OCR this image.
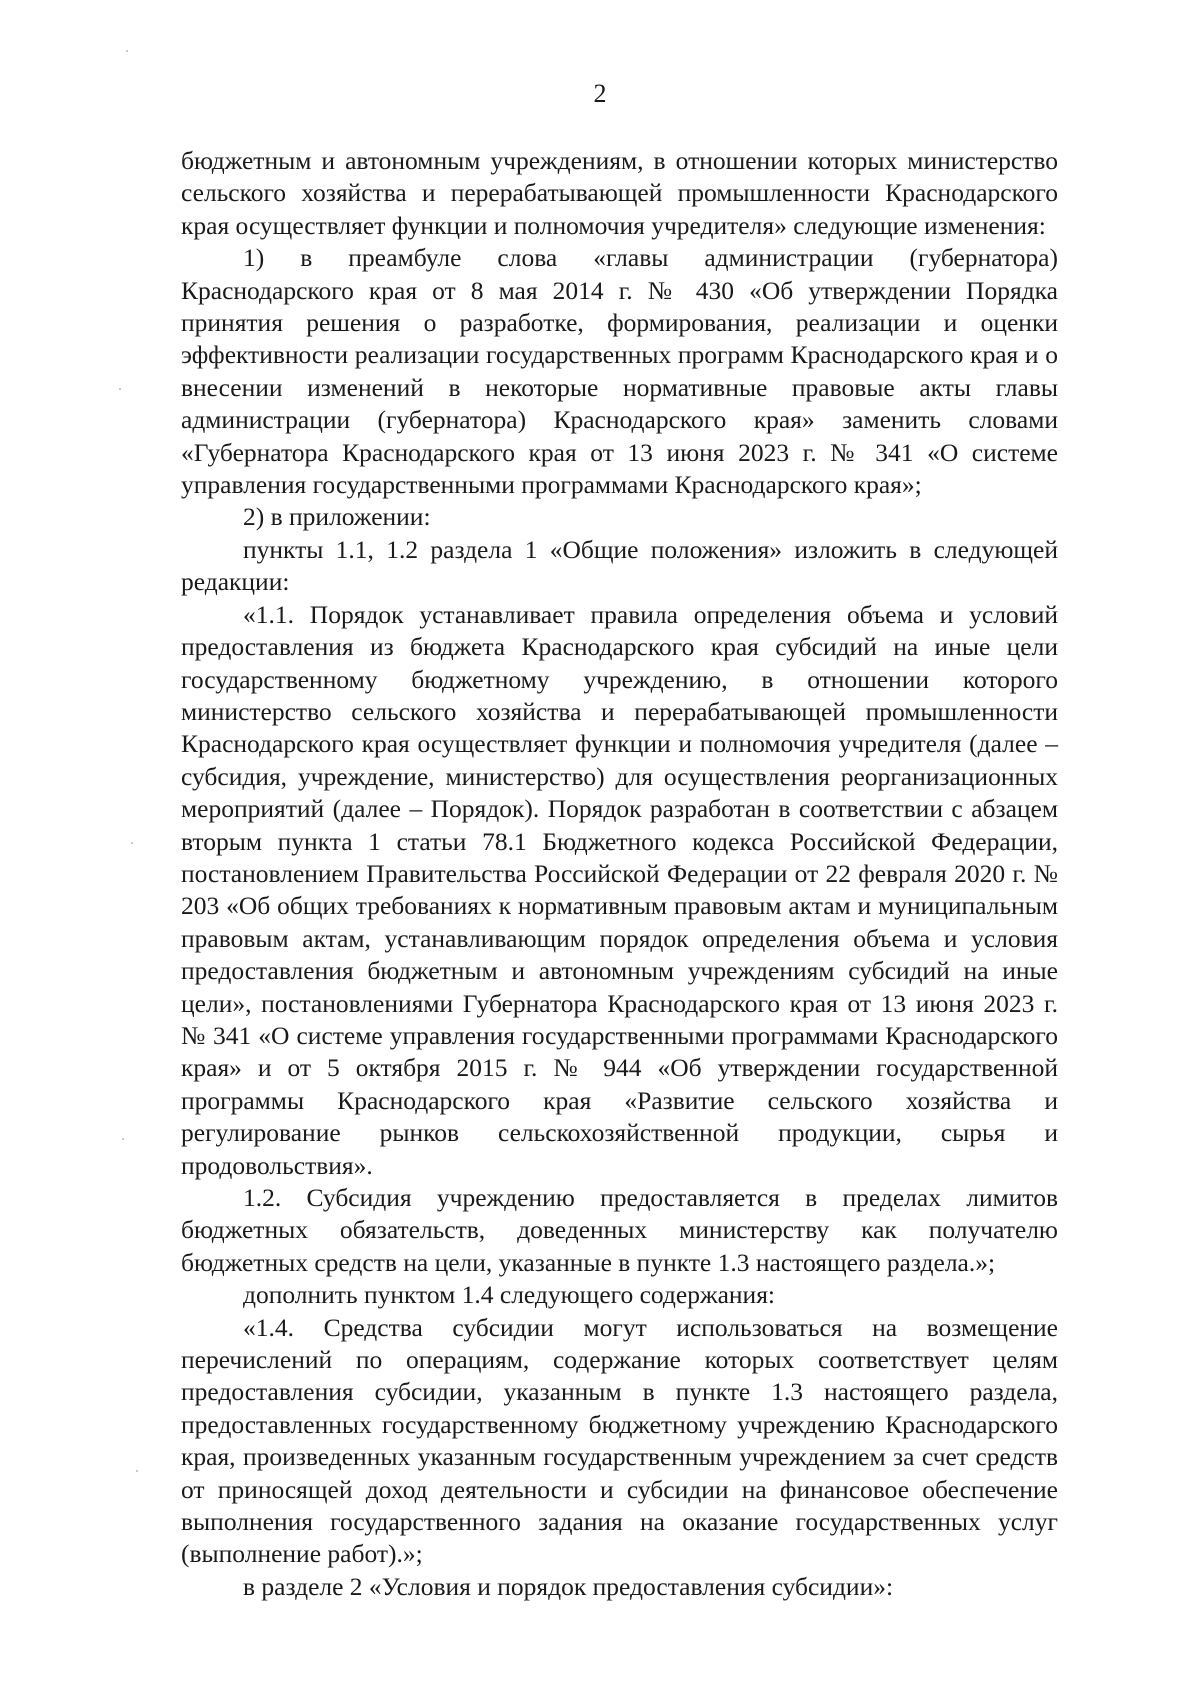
2

бюджетным и автономным учреждениям, в отношении которых министерство сельского хозяйства и перерабатывающей промышленности Краснодарского края осуществляет функции и полномочия учредителя» следующие изменения:

1) в преамбуле слова «главы администрации (губернатора) Краснодарского края от 8 мая 2014 г. № 430 «Об утверждении Порядка принятия решения о разработке, формирования, реализации и оценки эффективности реализации государственных программ Краснодарского края и о внесении изменений в некоторые нормативные правовые акты главы администрации (губернатора) Краснодарского края» заменить словами «Губернатора Краснодарского края от 13 июня 2023 г. № 341 «О системе управления государственными программами Краснодарского края»;

2) в приложении:

пункты 1.1, 1.2 раздела 1 «Общие положения» изложить в следующей редакции:

«1.1. Порядок устанавливает правила определения объема и условий предоставления из бюджета Краснодарского края субсидий на иные цели государственному бюджетному учреждению, в отношении которого министерство сельского хозяйства и перерабатывающей промышленности Краснодарского края осуществляет функции и полномочия учредителя (далее – субсидия, учреждение, министерство) для осуществления реорганизационных мероприятий (далее – Порядок). Порядок разработан в соответствии с абзацем вторым пункта 1 статьи 78.1 Бюджетного кодекса Российской Федерации, постановлением Правительства Российской Федерации от 22 февраля 2020 г. № 203 «Об общих требованиях к нормативным правовым актам и муниципальным правовым актам, устанавливающим порядок определения объема и условия предоставления бюджетным и автономным учреждениям субсидий на иные цели», постановлениями Губернатора Краснодарского края от 13 июня 2023 г. № 341 «О системе управления государственными программами Краснодарского края» и от 5 октября 2015 г. № 944 «Об утверждении государственной программы Краснодарского края «Развитие сельского хозяйства и регулирование рынков сельскохозяйственной продукции, сырья и продовольствия».

1.2. Субсидия учреждению предоставляется в пределах лимитов бюджетных обязательств, доведенных министерству как получателю бюджетных средств на цели, указанные в пункте 1.3 настоящего раздела.»;

дополнить пунктом 1.4 следующего содержания:

«1.4. Средства субсидии могут использоваться на возмещение перечислений по операциям, содержание которых соответствует целям предоставления субсидии, указанным в пункте 1.3 настоящего раздела, предоставленных государственному бюджетному учреждению Краснодарского края, произведенных указанным государственным учреждением за счет средств от приносящей доход деятельности и субсидии на финансовое обеспечение выполнения государственного задания на оказание государственных услуг (выполнение работ).»;

в разделе 2 «Условия и порядок предоставления субсидии»:
